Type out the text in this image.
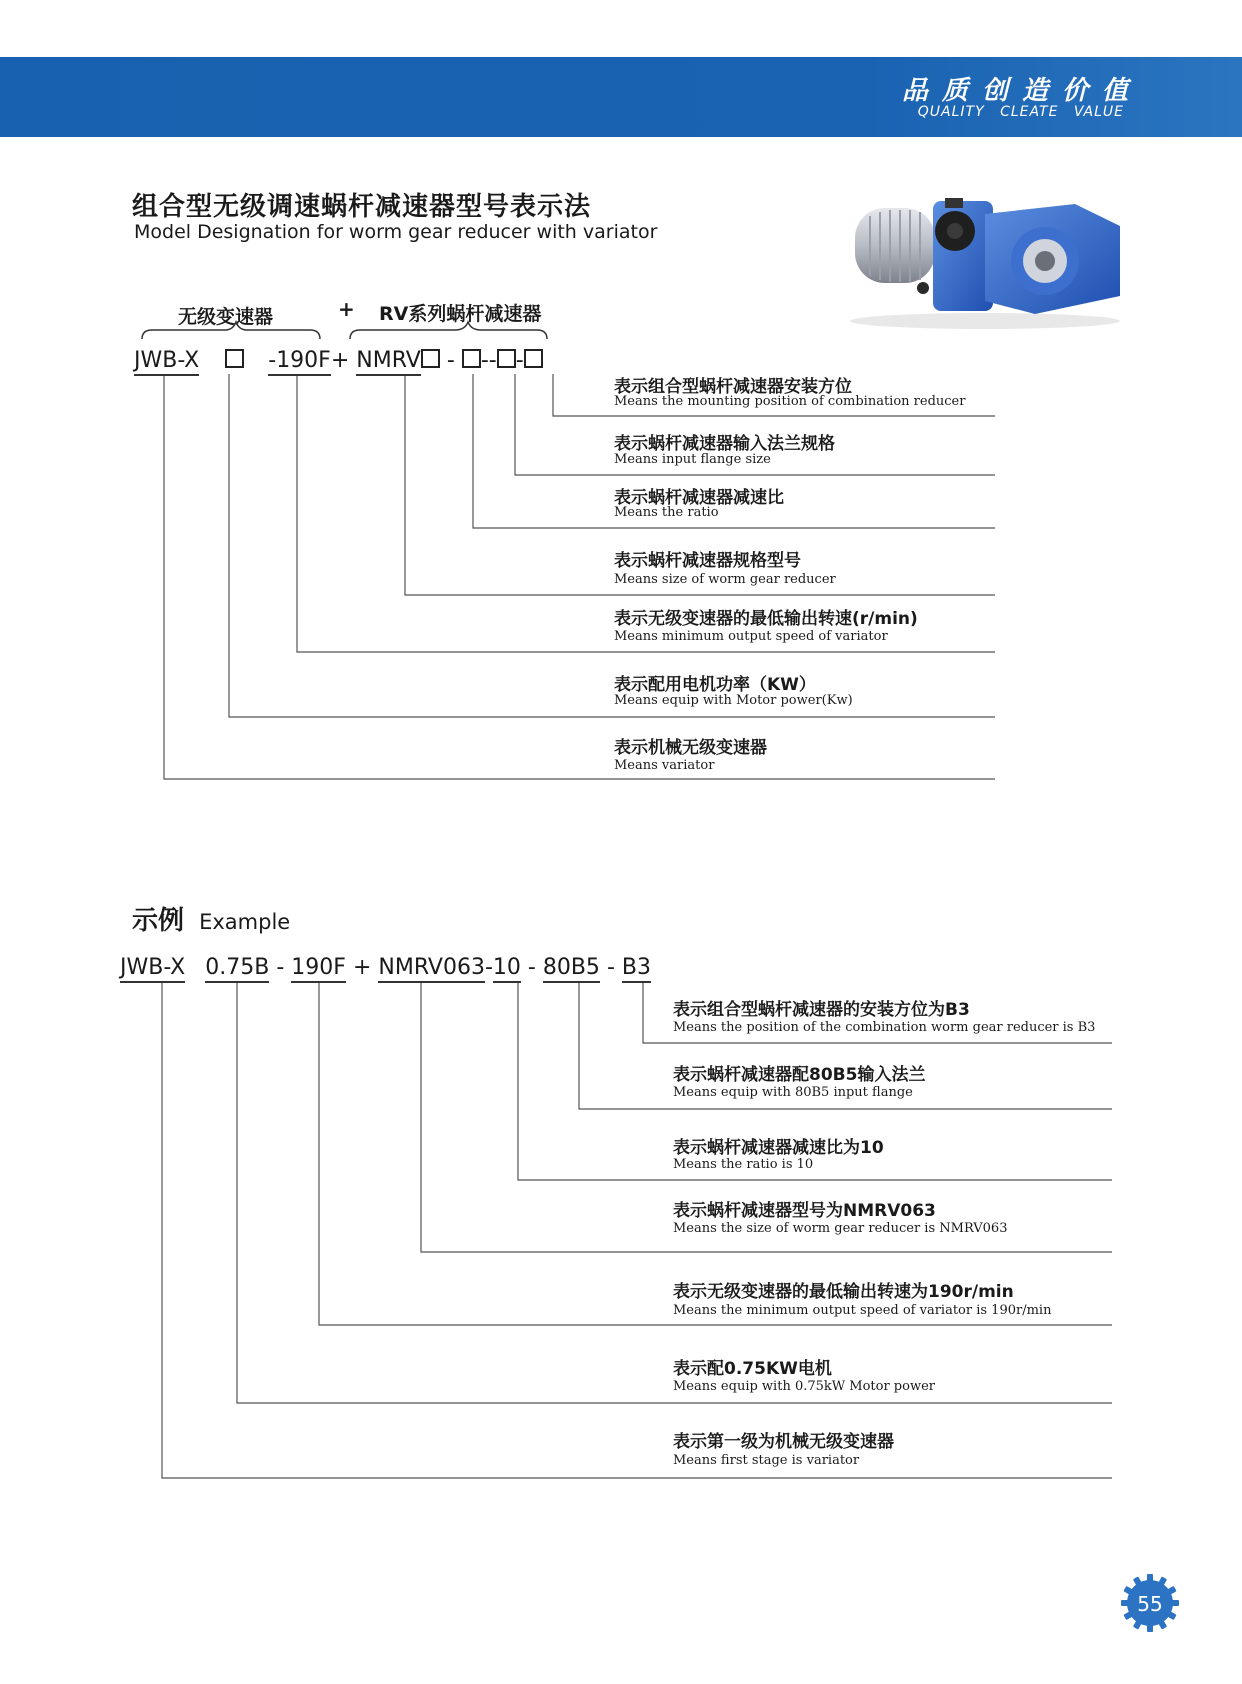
品质创造价值
QUALITY CLEATE VALUE
组合型无级调速蜗杆减速器型号表示法
Model Designation for worm gear reducer with variator
无级变速器	+ RV系列蜗杆减速器
JWB-X	-190F+ NMRV - -- -
表示组合型蜗杆减速器安装方位
Means the mounting position of combination reducer
表示蜗杆减速器输入法兰规格
Means input flange size
表示蜗杆减速器减速比
Means the ratio
表示蜗杆减速器规格型号
Means size of worm gear reducer
表示无级变速器的最低输出转速(r/min)
Means minimum output speed of variator
表示配用电机功率（KW）
Means equip with Motor power(Kw)
表示机械无级变速器
Means variator
示例 Example
JWB-X 0.75B - 190F + NMRV063-10 - 80B5 - B3
表示组合型蜗杆减速器的安装方位为B3
Means the position of the combination worm gear reducer is B3
表示蜗杆减速器配80B5输入法兰
Means equip with 80B5 input flange
表示蜗杆减速器减速比为10
Means the ratio is 10
表示蜗杆减速器型号为NMRV063
Means the size of worm gear reducer is NMRV063
表示无级变速器的最低输出转速为190r/min
Means the minimum output speed of variator is 190r/min
表示配0.75KW电机
Means equip with 0.75kW Motor power
表示第一级为机械无级变速器
Means first stage is variator
55
